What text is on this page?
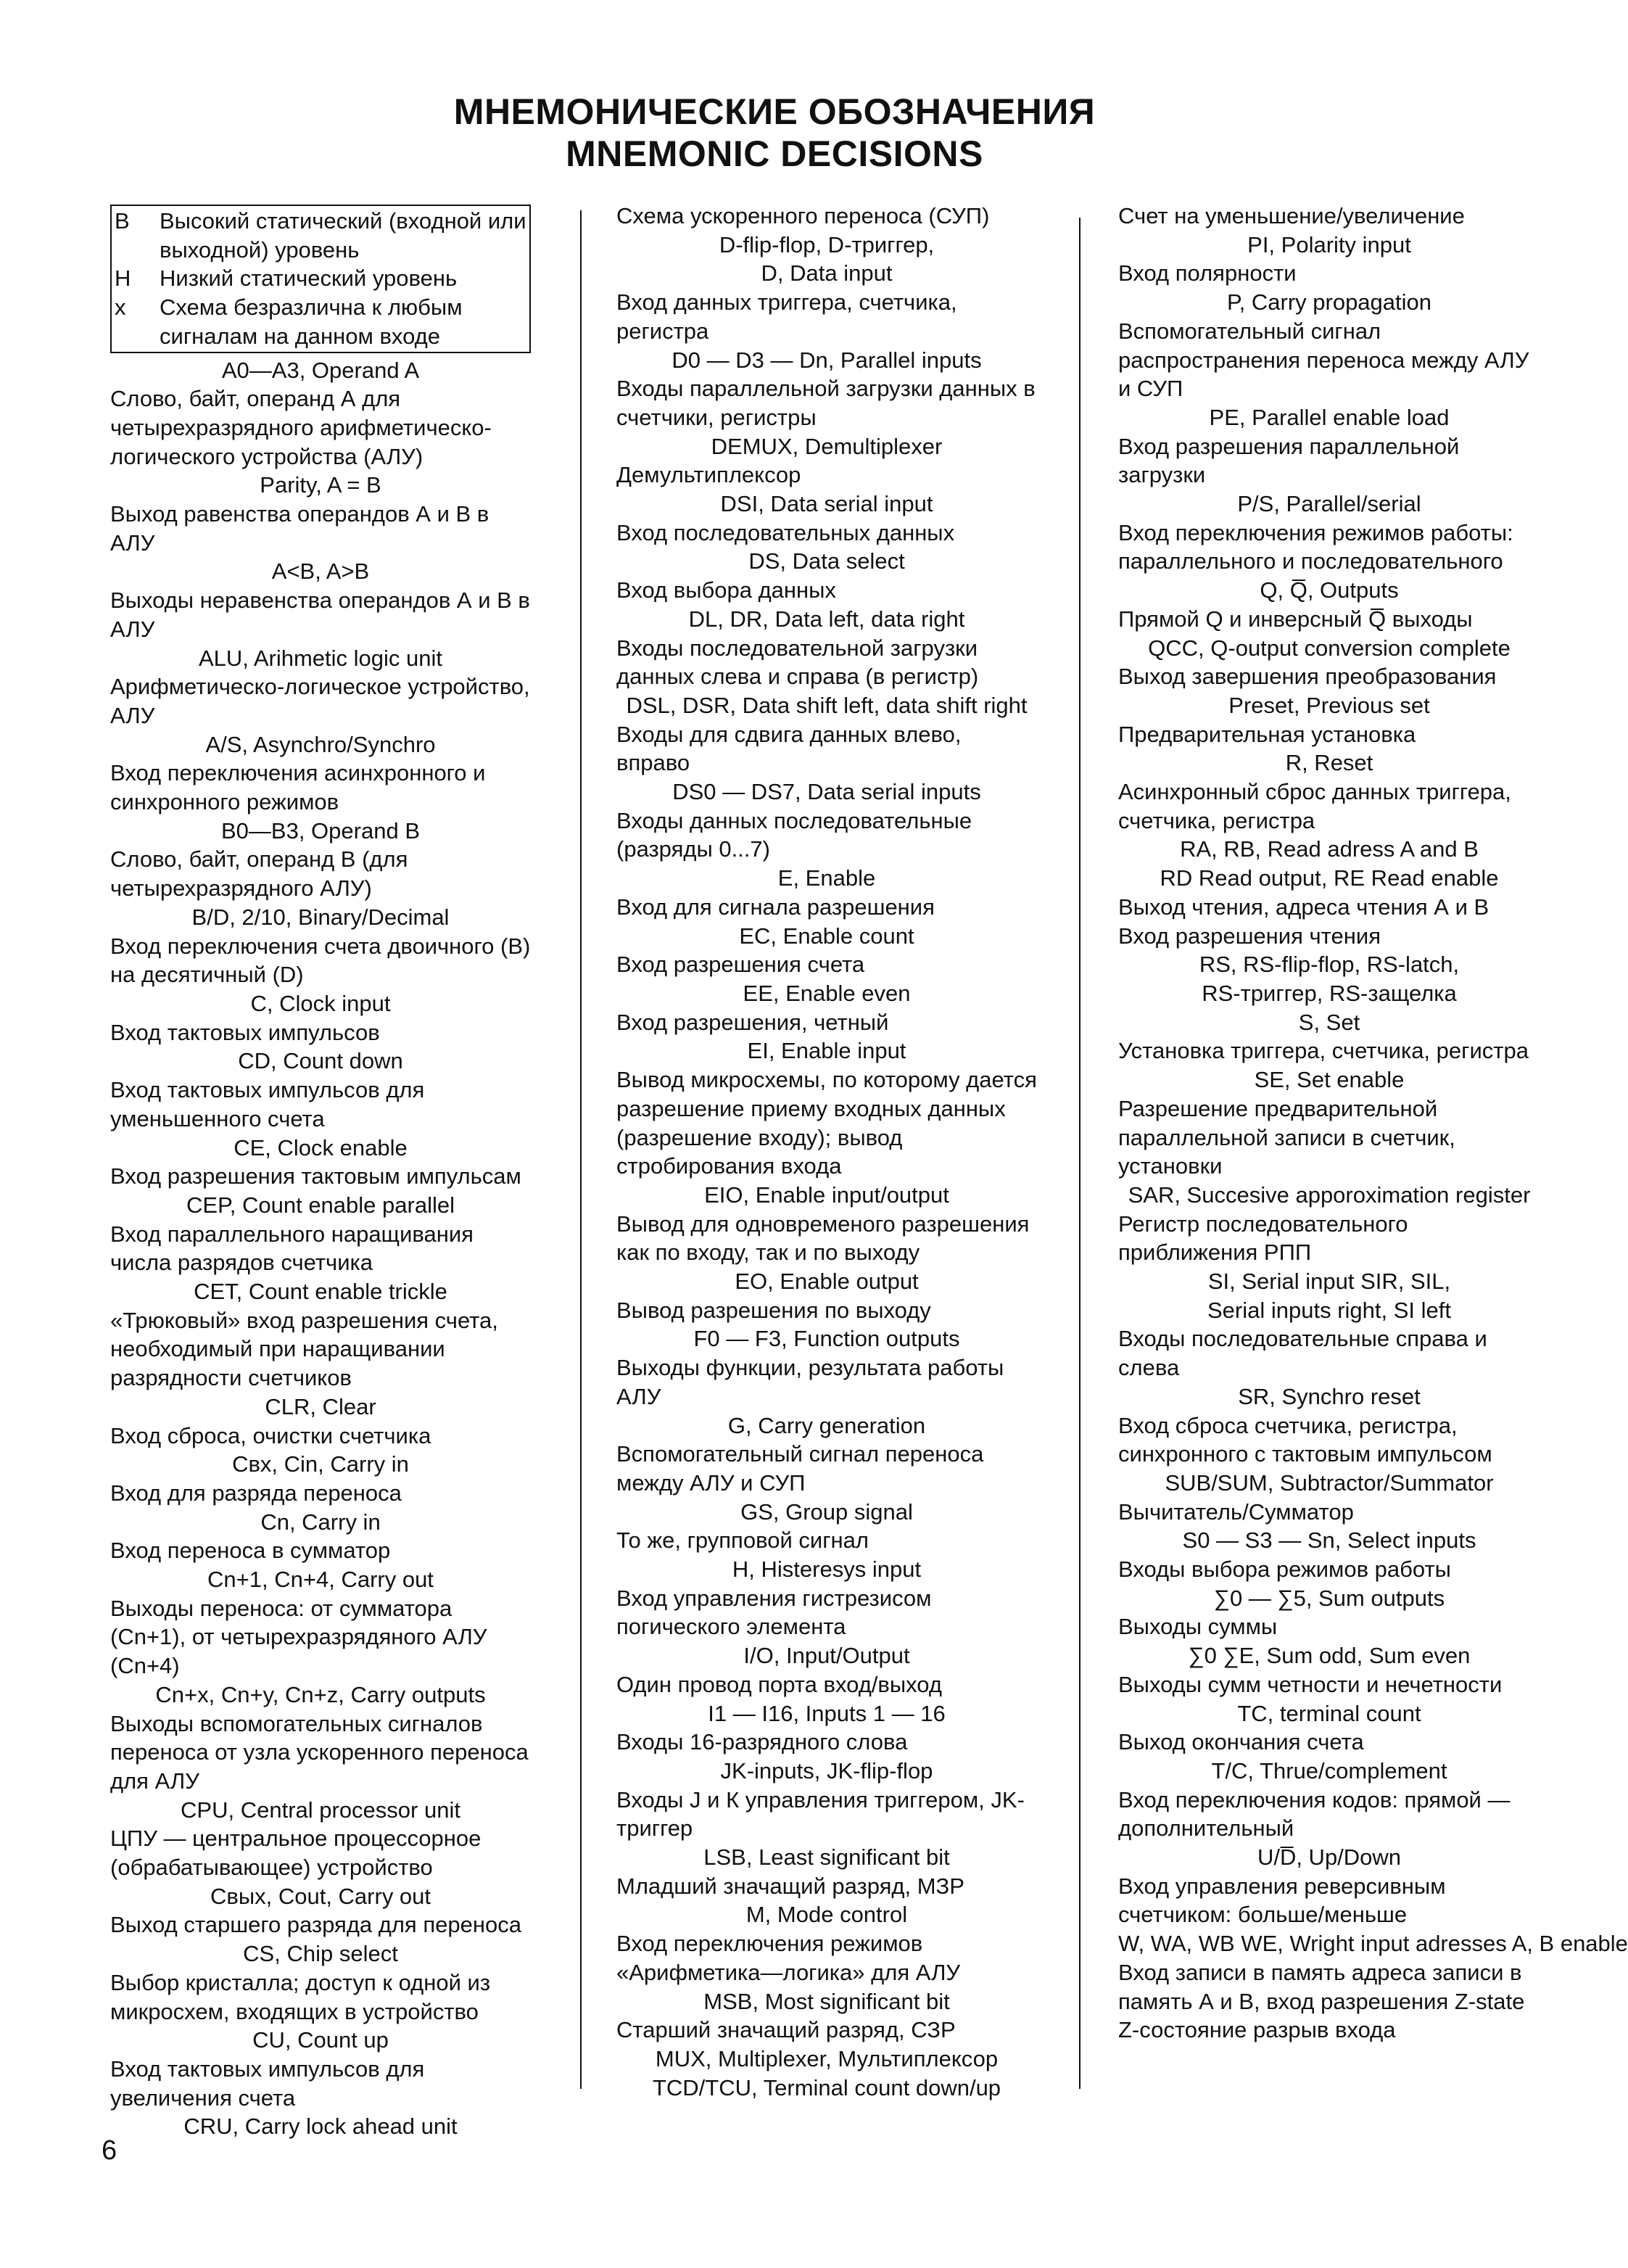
МНЕМОНИЧЕСКИЕ ОБОЗНАЧЕНИЯ
MNEMONIC DECISIONS
В	Высокий статический (входной или выходной) уровень
Н	Низкий статический уровень
х	Схема безразлична к любым сигналам на данном входе
A0—A3, Operand A
Слово, байт, операнд А для четырехразрядного арифметическо-логического устройства (АЛУ)
Parity, A = B
Выход равенства операндов А и В в АЛУ
A<B, A>B
Выходы неравенства операндов А и В в АЛУ
ALU, Arihmetic logic unit
Арифметическо-логическое устройство, АЛУ
A/S, Asynchro/Synchro
Вход переключения асинхронного и синхронного режимов
B0—B3, Operand B
Слово, байт, операнд В (для четырехразрядного АЛУ)
B/D, 2/10, Binary/Decimal
Вход переключения счета двоичного (В) на десятичный (D)
C, Clock input
Вход тактовых импульсов
CD, Count down
Вход тактовых импульсов для уменьшенного счета
CE, Clock enable
Вход разрешения тактовым импульсам
CEP, Count enable parallel
Вход параллельного наращивания числа разрядов счетчика
CET, Count enable trickle
«Трюковый» вход разрешения счета, необходимый при наращивании разрядности счетчиков
CLR, Clear
Вход сброса, очистки счетчика
Cвх, Cin, Carry in
Вход для разряда переноса
Cn, Carry in
Вход переноса в сумматор
Cn+1, Cn+4, Carry out
Выходы переноса: от сумматора (Cn+1), от четырехразрядяного АЛУ (Cn+4)
Cn+x, Cn+y, Cn+z, Carry outputs
Выходы вспомогательных сигналов переноса от узла ускоренного переноса для АЛУ
CPU, Central processor unit
ЦПУ — центральное процессорное (обрабатывающее) устройство
Cвых, Cout, Carry out
Выход старшего разряда для переноса
CS, Chip select
Выбор кристалла; доступ к одной из микросхем, входящих в устройство
CU, Count up
Вход тактовых импульсов для увеличения счета
CRU, Carry lock ahead unit
Схема ускоренного переноса (СУП)
D-flip-flop, D-триггер,
D, Data input
Вход данных триггера, счетчика, регистра
D0 — D3 — Dn, Parallel inputs
Входы параллельной загрузки данных в счетчики, регистры
DEMUX, Demultiplexer
Демультиплексор
DSI, Data serial input
Вход последовательных данных
DS, Data select
Вход выбора данных
DL, DR, Data left, data right
Входы последовательной загрузки данных слева и справа (в регистр)
DSL, DSR, Data shift left, data shift right
Входы для сдвига данных влево, вправо
DS0 — DS7, Data serial inputs
Входы данных последовательные (разряды 0...7)
E, Enable
Вход для сигнала разрешения
EC, Enable count
Вход разрешения счета
EE, Enable even
Вход разрешения, четный
EI, Enable input
Вывод микросхемы, по которому дается разрешение приему входных данных (разрешение входу); вывод стробирования входа
EIO, Enable input/output
Вывод для одновременого разрешения как по входу, так и по выходу
EO, Enable output
Вывод разрешения по выходу
F0 — F3, Function outputs
Выходы функции, результата работы АЛУ
G, Carry generation
Вспомогательный сигнал переноса между АЛУ и СУП
GS, Group signal
То же, групповой сигнал
H, Histeresys input
Вход управления гистрезисом погического элемента
I/O, Input/Output
Один провод порта вход/выход
I1 — I16, Inputs 1 — 16
Входы 16-разрядного слова
JK-inputs, JK-flip-flop
Входы J и К управления триггером, JK-триггер
LSB, Least significant bit
Младший значащий разряд, МЗР
M, Mode control
Вход переключения режимов «Арифметика—логика» для АЛУ
MSB, Most significant bit
Старший значащий разряд, СЗР
MUX, Multiplexer, Мультиплексор
TCD/TCU, Terminal count down/up
Счет на уменьшение/увеличение
PI, Polarity input
Вход полярности
P, Carry propagation
Вспомогательный сигнал распространения переноса между АЛУ и СУП
PE, Parallel enable load
Вход разрешения параллельной загрузки
P/S, Parallel/serial
Вход переключения режимов работы: параллельного и последовательного
Q, Q̅, Outputs
Прямой Q и инверсный Q̅ выходы
QCC, Q-output conversion complete
Выход завершения преобразования
Preset, Previous set
Предварительная установка
R, Reset
Асинхронный сброс данных триггера, счетчика, регистра
RA, RB, Read adress A and B
RD Read output, RE Read enable
Выход чтения, адреса чтения А и В Вход разрешения чтения
RS, RS-flip-flop, RS-latch,
RS-триггер, RS-защелка
S, Set
Установка триггера, счетчика, регистра
SE, Set enable
Разрешение предварительной параллельной записи в счетчик, установки
SAR, Succesive apporoximation register
Регистр последовательного приближения РПП
SI, Serial input SIR, SIL,
Serial inputs right, SI left
Входы последовательные справа и слева
SR, Synchro reset
Вход сброса счетчика, регистра, синхронного с тактовым импульсом
SUB/SUM, Subtractor/Summator
Вычитатель/Сумматор
S0 — S3 — Sn, Select inputs
Входы выбора режимов работы
∑0 — ∑5, Sum outputs
Выходы суммы
∑0 ∑E, Sum odd, Sum even
Выходы сумм четности и нечетности
TC, terminal count
Выход окончания счета
T/C, Thrue/complement
Вход переключения кодов: прямой — дополнительный
U/D̅, Up/Down
Вход управления реверсивным счетчиком: больше/меньше
W, WA, WB WE, Wright input adresses A, B enable
Вход записи в память адреса записи в память А и В, вход разрешения Z-state Z-состояние разрыв входа
6
